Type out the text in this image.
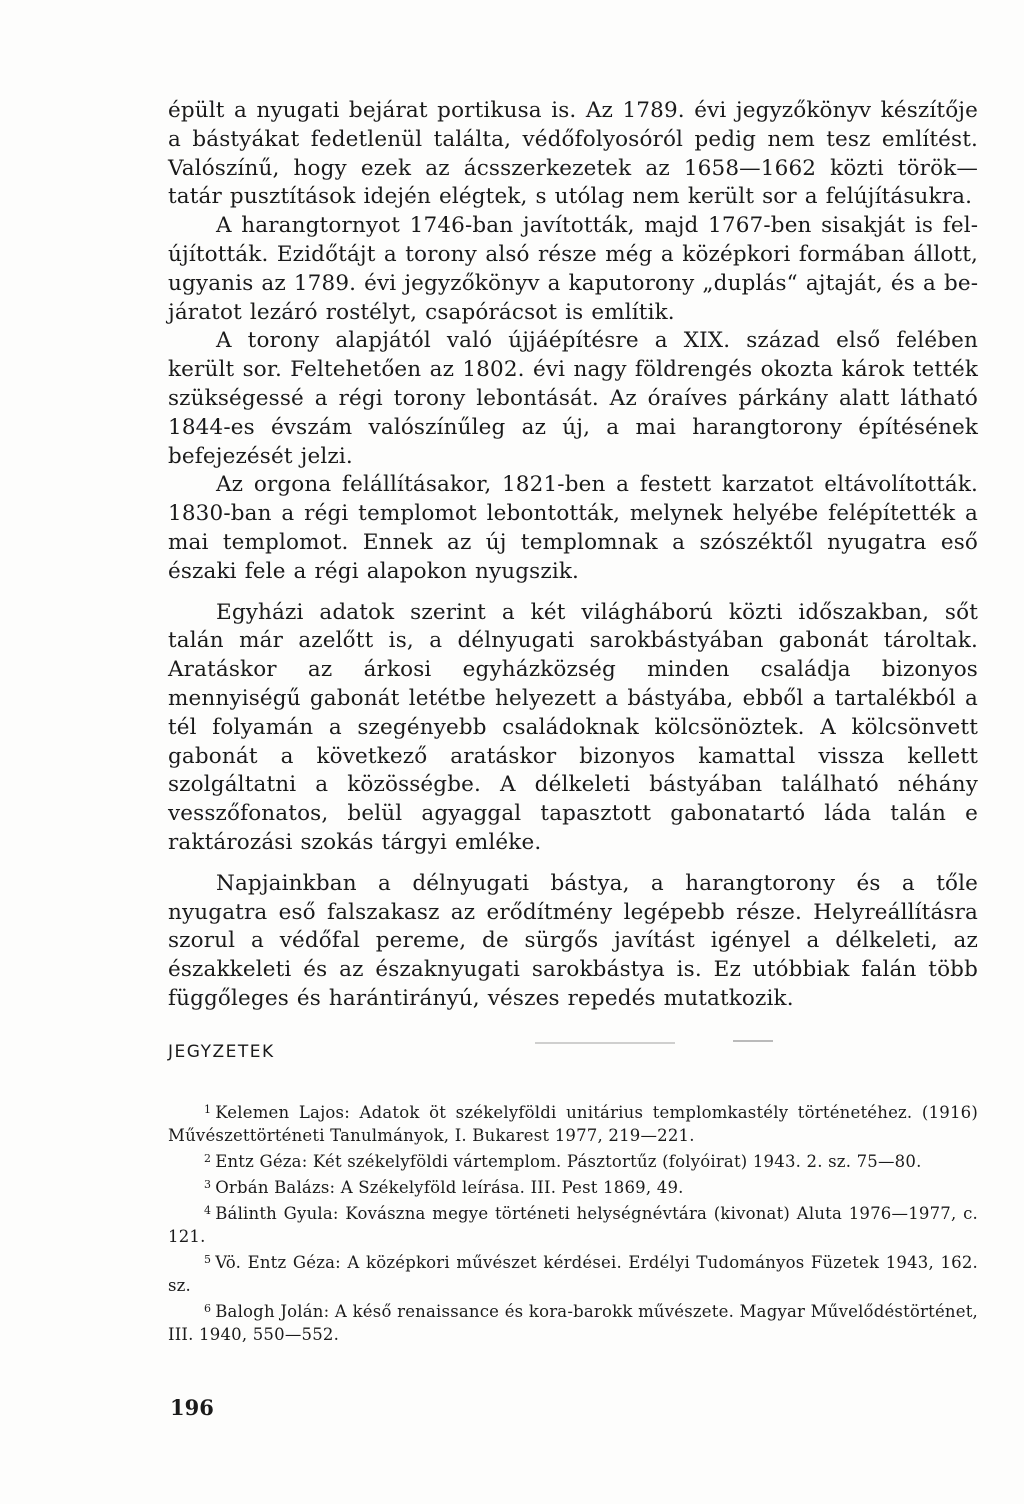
épült a nyugati bejárat portikusa is. Az 1789. évi jegyzőkönyv készítője a bástyákat fedetlenül találta, védőfolyosóról pedig nem tesz említést. Valószínű, hogy ezek az ácsszerkezetek az 1658—1662 közti török—tatár pusztítások idején elégtek, s utólag nem került sor a felújításukra.

A harangtornyot 1746-ban javították, majd 1767-ben sisakját is felújították. Ezidőtájt a torony alsó része még a középkori formában állott, ugyanis az 1789. évi jegyzőkönyv a kaputorony „duplás“ ajtaját, és a bejáratot lezáró rostélyt, csapórácsot is említik.

A torony alapjától való újjáépítésre a XIX. század első felében került sor. Feltehetően az 1802. évi nagy földrengés okozta károk tették szükségessé a régi torony lebontását. Az óraíves párkány alatt látható 1844-es évszám valószínűleg az új, a mai harangtorony építésének befejezését jelzi.

Az orgona felállításakor, 1821-ben a festett karzatot eltávolították. 1830-ban a régi templomot lebontották, melynek helyébe felépítették a mai templomot. Ennek az új templomnak a szószéktől nyugatra eső északi fele a régi alapokon nyugszik.

Egyházi adatok szerint a két világháború közti időszakban, sőt talán már azelőtt is, a délnyugati sarokbástyában gabonát tároltak. Aratáskor az árkosi egyházközség minden családja bizonyos mennyiségű gabonát letétbe helyezett a bástyába, ebből a tartalékból a tél folyamán a szegényebb családoknak kölcsönöztek. A kölcsönvett gabonát a következő aratáskor bizonyos kamattal vissza kellett szolgáltatni a közösségbe. A délkeleti bástyában található néhány vesszőfonatos, belül agyaggal tapasztott gabonatartó láda talán e raktározási szokás tárgyi emléke.

Napjainkban a délnyugati bástya, a harangtorony és a tőle nyugatra eső falszakasz az erődítmény legépebb része. Helyreállításra szorul a védőfal pereme, de sürgős javítást igényel a délkeleti, az északkeleti és az északnyugati sarokbástya is. Ez utóbbiak falán több függőleges és harántirányú, vészes repedés mutatkozik.

JEGYZETEK

$^1$ Kelemen Lajos: Adatok öt székelyföldi unitárius templomkastély történetéhez. (1916) Művészettörténeti Tanulmányok, I. Bukarest 1977, 219—221.

$^2$ Entz Géza: Két székelyföldi vártemplom. Pásztortűz (folyóirat) 1943. 2. sz. 75—80.

$^3$ Orbán Balázs: A Székelyföld leírása. III. Pest 1869, 49.

$^4$ Bálinth Gyula: Kovászna megye történeti helységnévtára (kivonat) Aluta 1976—1977, c. 121.

$^5$ Vö. Entz Géza: A középkori művészet kérdései. Erdélyi Tudományos Füzetek 1943, 162. sz.

$^6$ Balogh Jolán: A késő renaissance és kora-barokk művészete. Magyar Művelődéstörténet, III. 1940, 550—552.

196
